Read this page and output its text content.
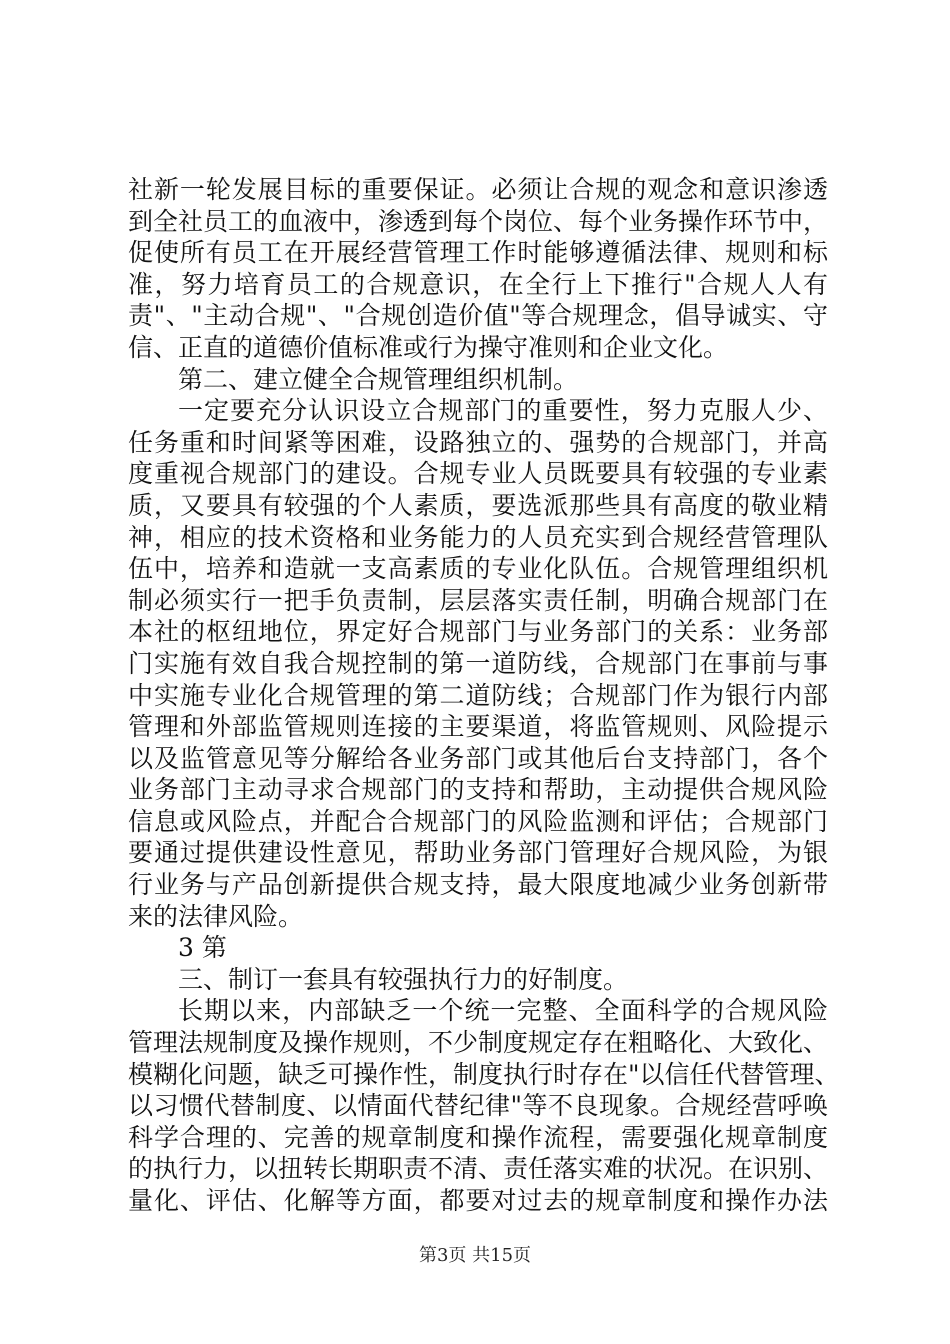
社新一轮发展目标的重要保证。必须让合规的观念和意识渗透
到全社员工的血液中，渗透到每个岗位、每个业务操作环节中，
促使所有员工在开展经营管理工作时能够遵循法律、规则和标
准，努力培育员工的合规意识，在全行上下推行"合规人人有
责"、"主动合规"、"合规创造价值"等合规理念，倡导诚实、守
信、正直的道德价值标准或行为操守准则和企业文化。
第二、建立健全合规管理组织机制。
一定要充分认识设立合规部门的重要性，努力克服人少、
任务重和时间紧等困难，设路独立的、强势的合规部门，并高
度重视合规部门的建设。合规专业人员既要具有较强的专业素
质，又要具有较强的个人素质，要选派那些具有高度的敬业精
神，相应的技术资格和业务能力的人员充实到合规经营管理队
伍中，培养和造就一支高素质的专业化队伍。合规管理组织机
制必须实行一把手负责制，层层落实责任制，明确合规部门在
本社的枢纽地位，界定好合规部门与业务部门的关系：业务部
门实施有效自我合规控制的第一道防线，合规部门在事前与事
中实施专业化合规管理的第二道防线；合规部门作为银行内部
管理和外部监管规则连接的主要渠道，将监管规则、风险提示
以及监管意见等分解给各业务部门或其他后台支持部门，各个
业务部门主动寻求合规部门的支持和帮助，主动提供合规风险
信息或风险点，并配合合规部门的风险监测和评估；合规部门
要通过提供建设性意见，帮助业务部门管理好合规风险，为银
行业务与产品创新提供合规支持，最大限度地减少业务创新带
来的法律风险。
3 第
三、制订一套具有较强执行力的好制度。
长期以来，内部缺乏一个统一完整、全面科学的合规风险
管理法规制度及操作规则，不少制度规定存在粗略化、大致化、
模糊化问题，缺乏可操作性，制度执行时存在"以信任代替管理、
以习惯代替制度、以情面代替纪律"等不良现象。合规经营呼唤
科学合理的、完善的规章制度和操作流程，需要强化规章制度
的执行力，以扭转长期职责不清、责任落实难的状况。在识别、
量化、评估、化解等方面，都要对过去的规章制度和操作办法
第3页 共15页
